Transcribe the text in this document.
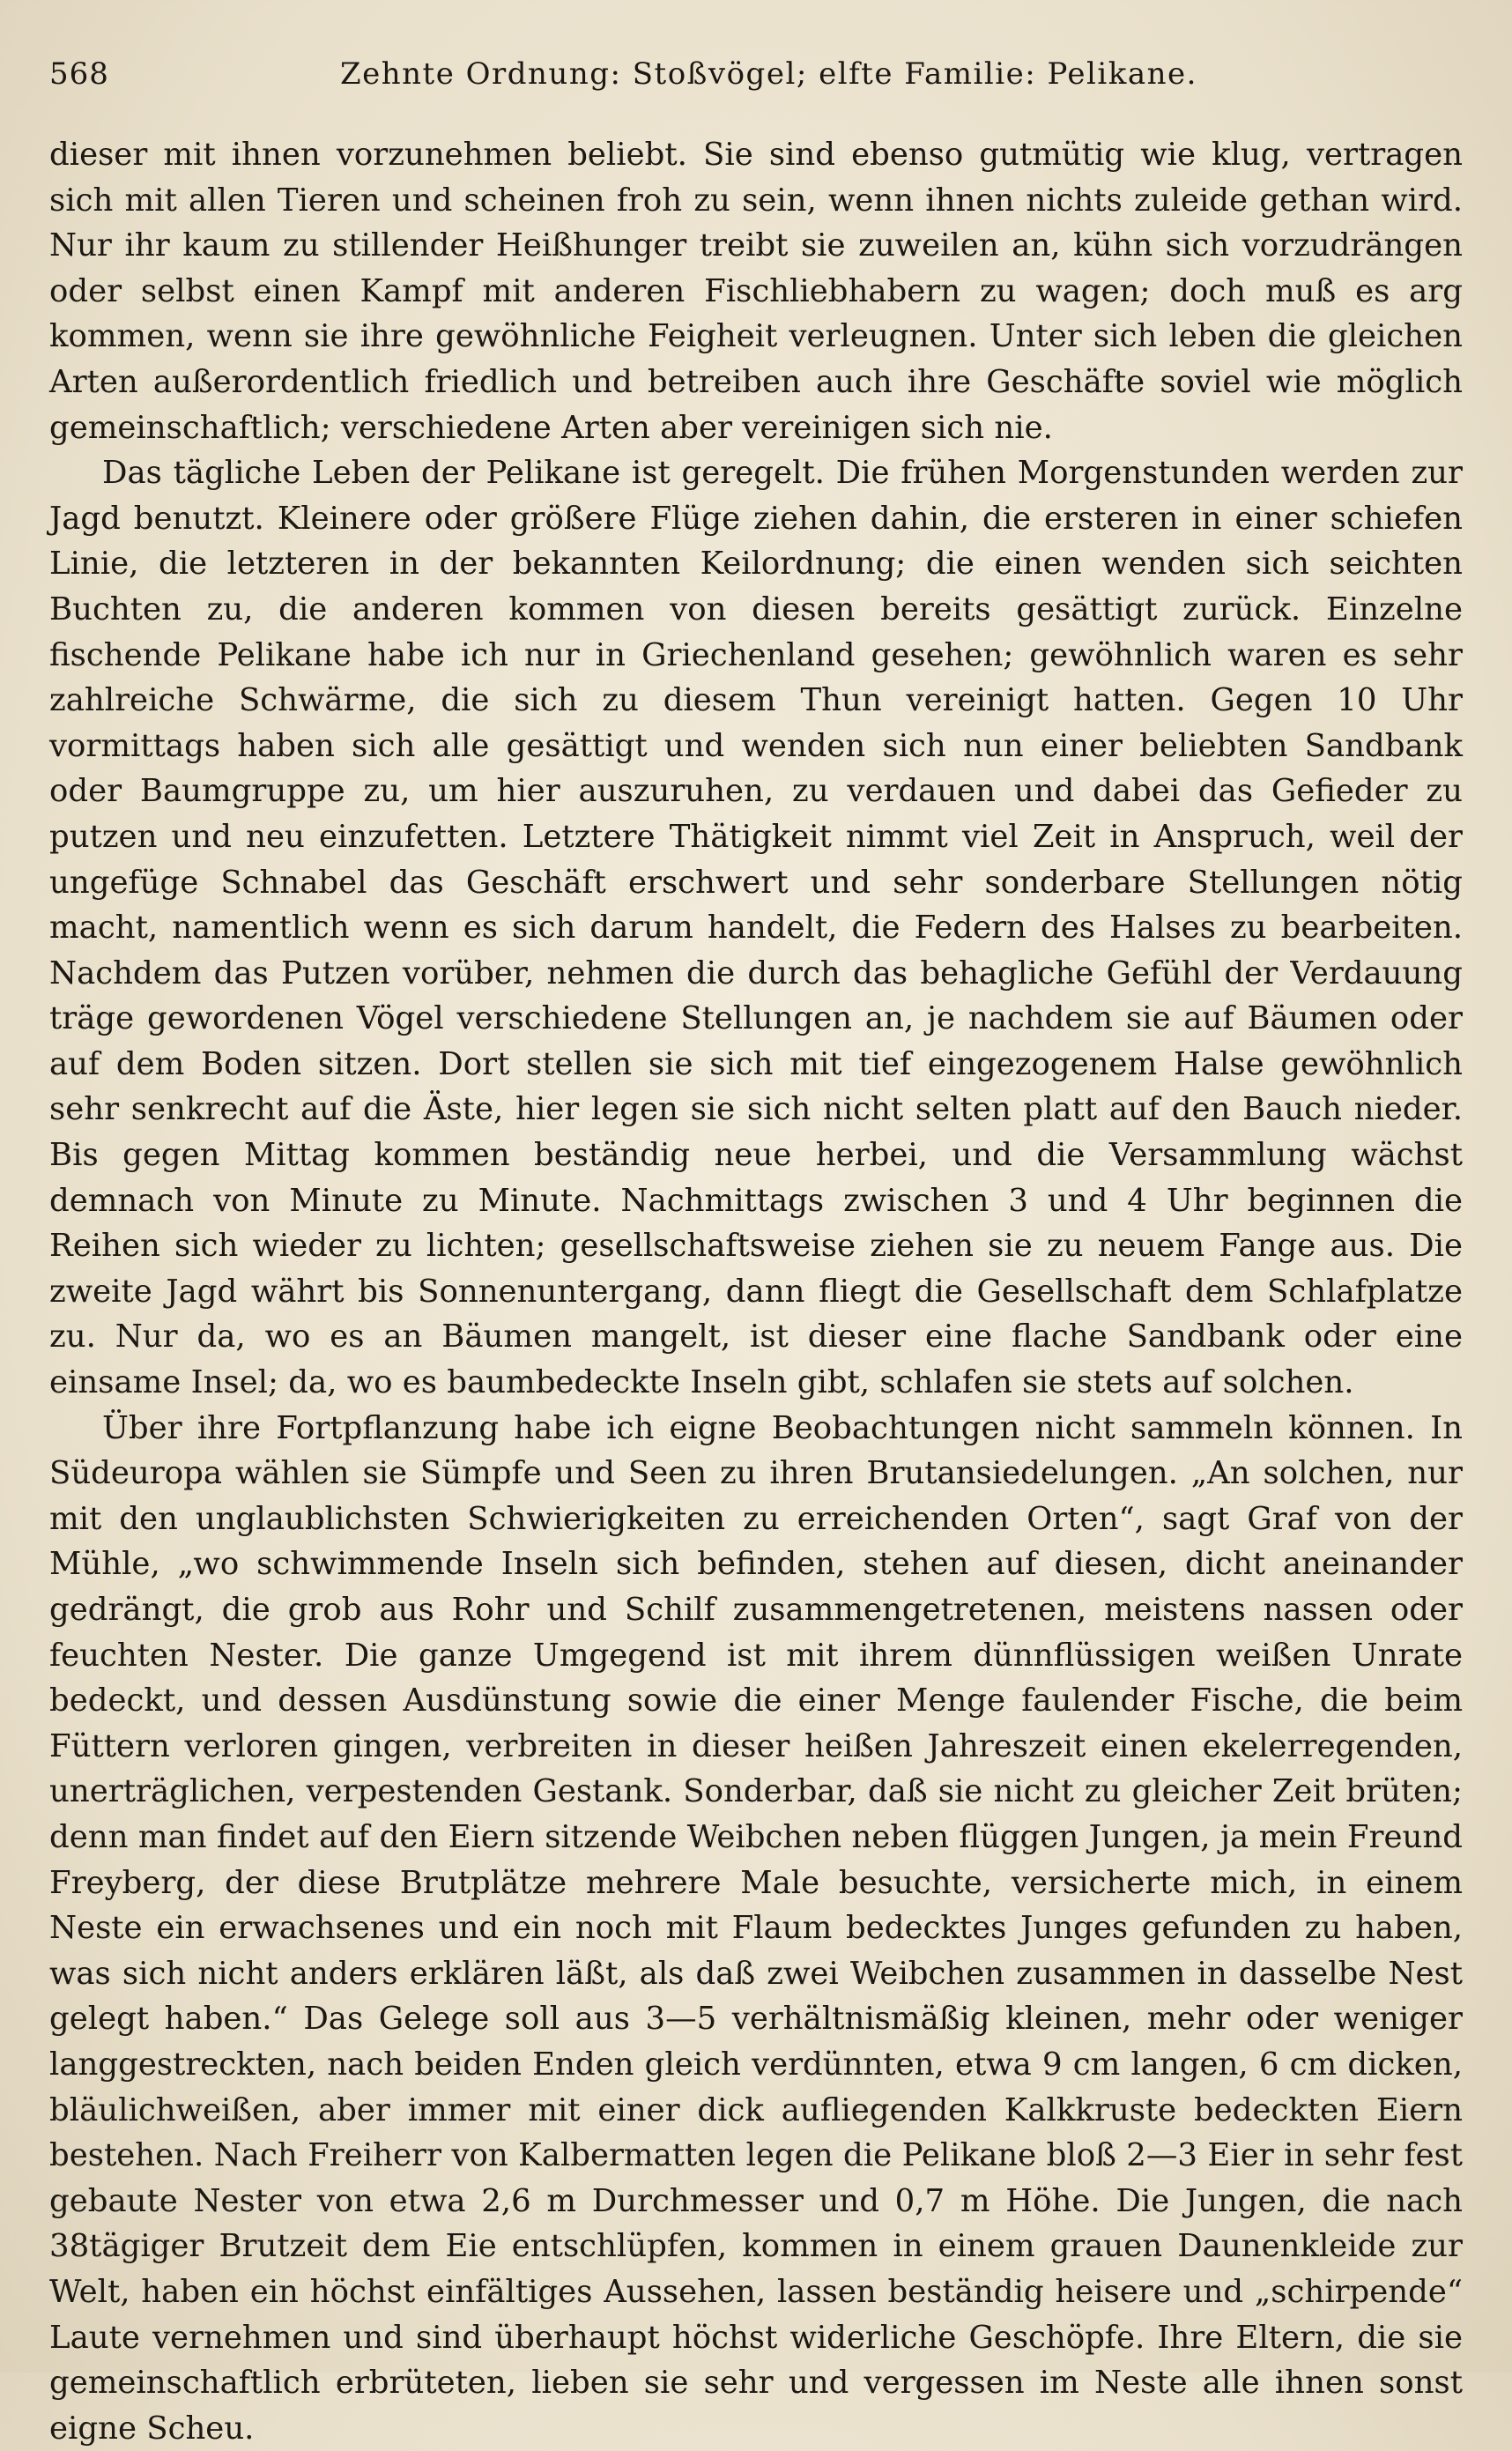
568	Zehnte Ordnung: Stoßvögel; elfte Familie: Pelikane.

dieser mit ihnen vorzunehmen beliebt. Sie sind ebenso gutmütig wie klug, vertragen sich mit allen Tieren und scheinen froh zu sein, wenn ihnen nichts zuleide gethan wird. Nur ihr kaum zu stillender Heißhunger treibt sie zuweilen an, kühn sich vorzudrängen oder selbst einen Kampf mit anderen Fischliebhabern zu wagen; doch muß es arg kommen, wenn sie ihre gewöhnliche Feigheit verleugnen. Unter sich leben die gleichen Arten außerordentlich friedlich und betreiben auch ihre Geschäfte soviel wie möglich gemeinschaftlich; verschiedene Arten aber vereinigen sich nie.

Das tägliche Leben der Pelikane ist geregelt. Die frühen Morgenstunden werden zur Jagd benutzt. Kleinere oder größere Flüge ziehen dahin, die ersteren in einer schiefen Linie, die letzteren in der bekannten Keilordnung; die einen wenden sich seichten Buchten zu, die anderen kommen von diesen bereits gesättigt zurück. Einzelne fischende Pelikane habe ich nur in Griechenland gesehen; gewöhnlich waren es sehr zahlreiche Schwärme, die sich zu diesem Thun vereinigt hatten. Gegen 10 Uhr vormittags haben sich alle gesättigt und wenden sich nun einer beliebten Sandbank oder Baumgruppe zu, um hier auszuruhen, zu verdauen und dabei das Gefieder zu putzen und neu einzufetten. Letztere Thätigkeit nimmt viel Zeit in Anspruch, weil der ungefüge Schnabel das Geschäft erschwert und sehr sonderbare Stellungen nötig macht, namentlich wenn es sich darum handelt, die Federn des Halses zu bearbeiten. Nachdem das Putzen vorüber, nehmen die durch das behagliche Gefühl der Verdauung träge gewordenen Vögel verschiedene Stellungen an, je nachdem sie auf Bäumen oder auf dem Boden sitzen. Dort stellen sie sich mit tief eingezogenem Halse gewöhnlich sehr senkrecht auf die Äste, hier legen sie sich nicht selten platt auf den Bauch nieder. Bis gegen Mittag kommen beständig neue herbei, und die Versammlung wächst demnach von Minute zu Minute. Nachmittags zwischen 3 und 4 Uhr beginnen die Reihen sich wieder zu lichten; gesellschaftsweise ziehen sie zu neuem Fange aus. Die zweite Jagd währt bis Sonnenuntergang, dann fliegt die Gesellschaft dem Schlafplatze zu. Nur da, wo es an Bäumen mangelt, ist dieser eine flache Sandbank oder eine einsame Insel; da, wo es baumbedeckte Inseln gibt, schlafen sie stets auf solchen.

Über ihre Fortpflanzung habe ich eigne Beobachtungen nicht sammeln können. In Südeuropa wählen sie Sümpfe und Seen zu ihren Brutansiedelungen. „An solchen, nur mit den unglaublichsten Schwierigkeiten zu erreichenden Orten“, sagt Graf von der Mühle, „wo schwimmende Inseln sich befinden, stehen auf diesen, dicht aneinander gedrängt, die grob aus Rohr und Schilf zusammengetretenen, meistens nassen oder feuchten Nester. Die ganze Umgegend ist mit ihrem dünnflüssigen weißen Unrate bedeckt, und dessen Ausdünstung sowie die einer Menge faulender Fische, die beim Füttern verloren gingen, verbreiten in dieser heißen Jahreszeit einen ekelerregenden, unerträglichen, verpestenden Gestank. Sonderbar, daß sie nicht zu gleicher Zeit brüten; denn man findet auf den Eiern sitzende Weibchen neben flüggen Jungen, ja mein Freund Freyberg, der diese Brutplätze mehrere Male besuchte, versicherte mich, in einem Neste ein erwachsenes und ein noch mit Flaum bedecktes Junges gefunden zu haben, was sich nicht anders erklären läßt, als daß zwei Weibchen zusammen in dasselbe Nest gelegt haben.“ Das Gelege soll aus 3—5 verhältnismäßig kleinen, mehr oder weniger langgestreckten, nach beiden Enden gleich verdünnten, etwa 9 cm langen, 6 cm dicken, bläulichweißen, aber immer mit einer dick aufliegenden Kalkkruste bedeckten Eiern bestehen. Nach Freiherr von Kalbermatten legen die Pelikane bloß 2—3 Eier in sehr fest gebaute Nester von etwa 2,6 m Durchmesser und 0,7 m Höhe. Die Jungen, die nach 38tägiger Brutzeit dem Eie entschlüpfen, kommen in einem grauen Daunenkleide zur Welt, haben ein höchst einfältiges Aussehen, lassen beständig heisere und „schirpende“ Laute vernehmen und sind überhaupt höchst widerliche Geschöpfe. Ihre Eltern, die sie gemeinschaftlich erbrüteten, lieben sie sehr und vergessen im Neste alle ihnen sonst eigne Scheu.
